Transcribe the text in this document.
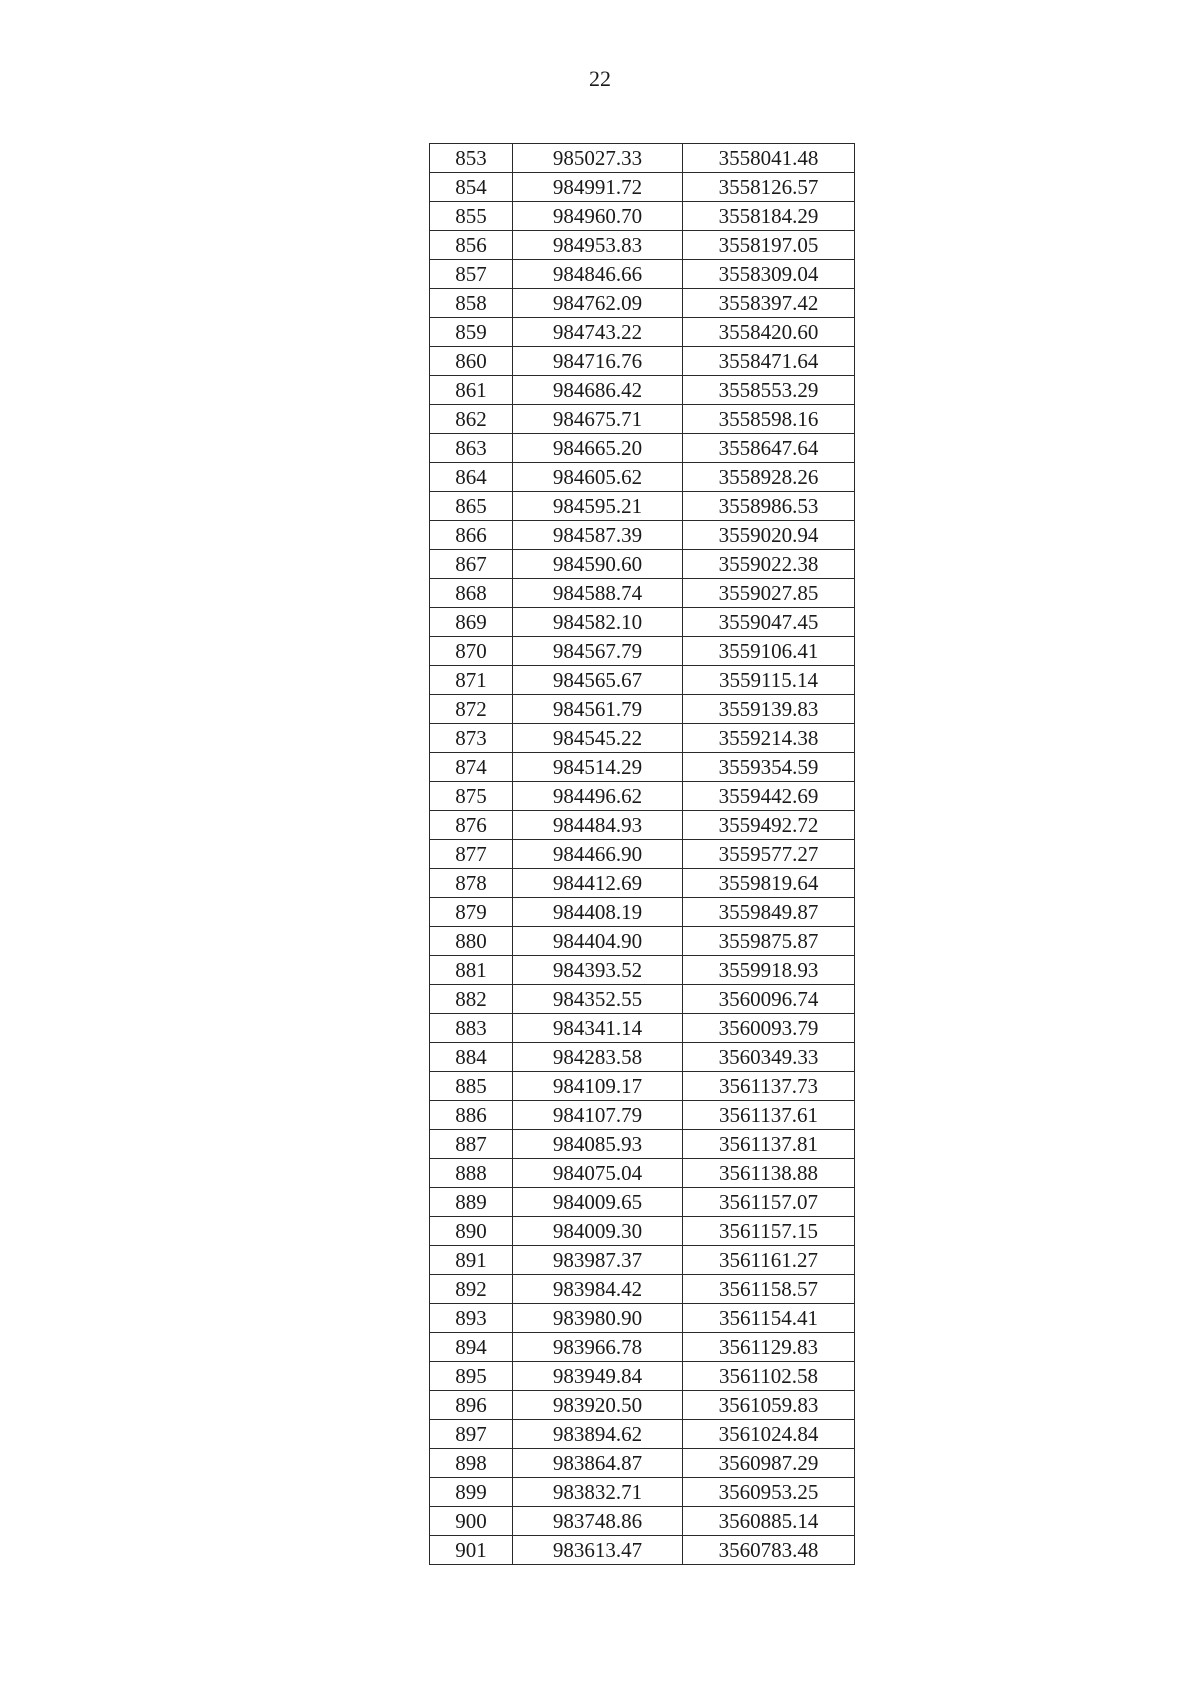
22
853	985027.33	3558041.48
854	984991.72	3558126.57
855	984960.70	3558184.29
856	984953.83	3558197.05
857	984846.66	3558309.04
858	984762.09	3558397.42
859	984743.22	3558420.60
860	984716.76	3558471.64
861	984686.42	3558553.29
862	984675.71	3558598.16
863	984665.20	3558647.64
864	984605.62	3558928.26
865	984595.21	3558986.53
866	984587.39	3559020.94
867	984590.60	3559022.38
868	984588.74	3559027.85
869	984582.10	3559047.45
870	984567.79	3559106.41
871	984565.67	3559115.14
872	984561.79	3559139.83
873	984545.22	3559214.38
874	984514.29	3559354.59
875	984496.62	3559442.69
876	984484.93	3559492.72
877	984466.90	3559577.27
878	984412.69	3559819.64
879	984408.19	3559849.87
880	984404.90	3559875.87
881	984393.52	3559918.93
882	984352.55	3560096.74
883	984341.14	3560093.79
884	984283.58	3560349.33
885	984109.17	3561137.73
886	984107.79	3561137.61
887	984085.93	3561137.81
888	984075.04	3561138.88
889	984009.65	3561157.07
890	984009.30	3561157.15
891	983987.37	3561161.27
892	983984.42	3561158.57
893	983980.90	3561154.41
894	983966.78	3561129.83
895	983949.84	3561102.58
896	983920.50	3561059.83
897	983894.62	3561024.84
898	983864.87	3560987.29
899	983832.71	3560953.25
900	983748.86	3560885.14
901	983613.47	3560783.48
